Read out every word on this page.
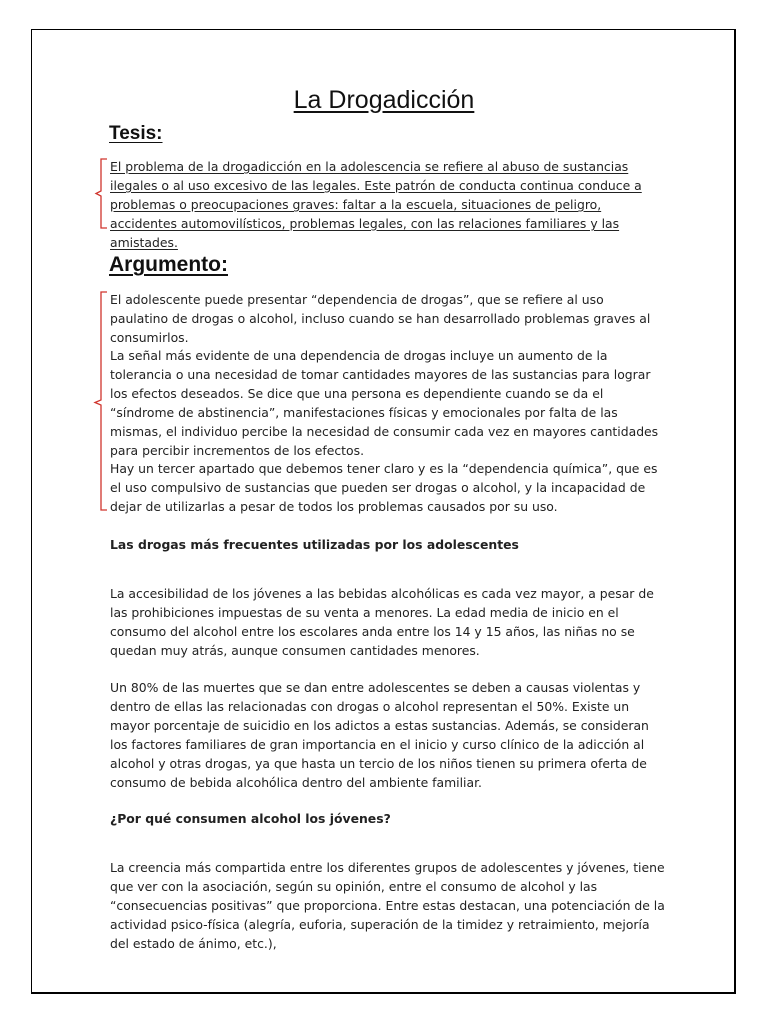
La Drogadicción
Tesis:

El problema de la drogadicción en la adolescencia se refiere al abuso de sustancias ilegales o al uso excesivo de las legales. Este patrón de conducta continua conduce a problemas o preocupaciones graves: faltar a la escuela, situaciones de peligro, accidentes automovilísticos, problemas legales, con las relaciones familiares y las amistades.

Argumento:

El adolescente puede presentar “dependencia de drogas”, que se refiere al uso paulatino de drogas o alcohol, incluso cuando se han desarrollado problemas graves al consumirlos.

La señal más evidente de una dependencia de drogas incluye un aumento de la tolerancia o una necesidad de tomar cantidades mayores de las sustancias para lograr los efectos deseados. Se dice que una persona es dependiente cuando se da el “síndrome de abstinencia”, manifestaciones físicas y emocionales por falta de las mismas, el individuo percibe la necesidad de consumir cada vez en mayores cantidades para percibir incrementos de los efectos.

Hay un tercer apartado que debemos tener claro y es la “dependencia química”, que es el uso compulsivo de sustancias que pueden ser drogas o alcohol, y la incapacidad de dejar de utilizarlas a pesar de todos los problemas causados por su uso.

Las drogas más frecuentes utilizadas por los adolescentes

La accesibilidad de los jóvenes a las bebidas alcohólicas es cada vez mayor, a pesar de las prohibiciones impuestas de su venta a menores. La edad media de inicio en el consumo del alcohol entre los escolares anda entre los 14 y 15 años, las niñas no se quedan muy atrás, aunque consumen cantidades menores.

Un 80% de las muertes que se dan entre adolescentes se deben a causas violentas y dentro de ellas las relacionadas con drogas o alcohol representan el 50%. Existe un mayor porcentaje de suicidio en los adictos a estas sustancias. Además, se consideran los factores familiares de gran importancia en el inicio y curso clínico de la adicción al alcohol y otras drogas, ya que hasta un tercio de los niños tienen su primera oferta de consumo de bebida alcohólica dentro del ambiente familiar.

¿Por qué consumen alcohol los jóvenes?

La creencia más compartida entre los diferentes grupos de adolescentes y jóvenes, tiene que ver con la asociación, según su opinión, entre el consumo de alcohol y las “consecuencias positivas” que proporciona. Entre estas destacan, una potenciación de la actividad psico-física (alegría, euforia, superación de la timidez y retraimiento, mejoría del estado de ánimo, etc.),
